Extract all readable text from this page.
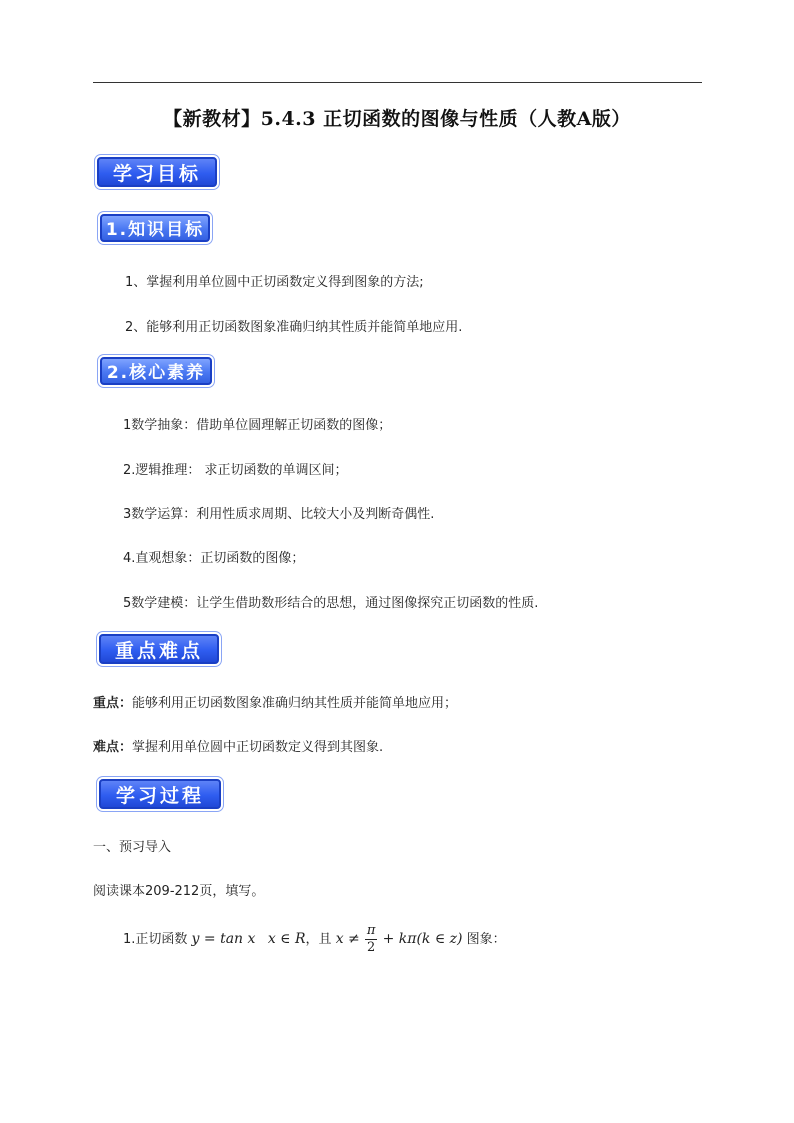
【新教材】5.4.3 正切函数的图像与性质（人教A版）
学习目标
1.知识目标
1、掌握利用单位圆中正切函数定义得到图象的方法;
2、能够利用正切函数图象准确归纳其性质并能简单地应用.
2.核心素养
1数学抽象：借助单位圆理解正切函数的图像；
2.逻辑推理： 求正切函数的单调区间；
3数学运算：利用性质求周期、比较大小及判断奇偶性.
4.直观想象：正切函数的图像；
5数学建模：让学生借助数形结合的思想，通过图像探究正切函数的性质.
重点难点
重点：能够利用正切函数图象准确归纳其性质并能简单地应用；
难点：掌握利用单位圆中正切函数定义得到其图象.
学习过程
一、预习导入
阅读课本209-212页，填写。
1.正切函数 y = tan x x ∈ R，且 $x \ne \frac{\pi}{2} + k\pi(k$ ∈ z) 图象：
